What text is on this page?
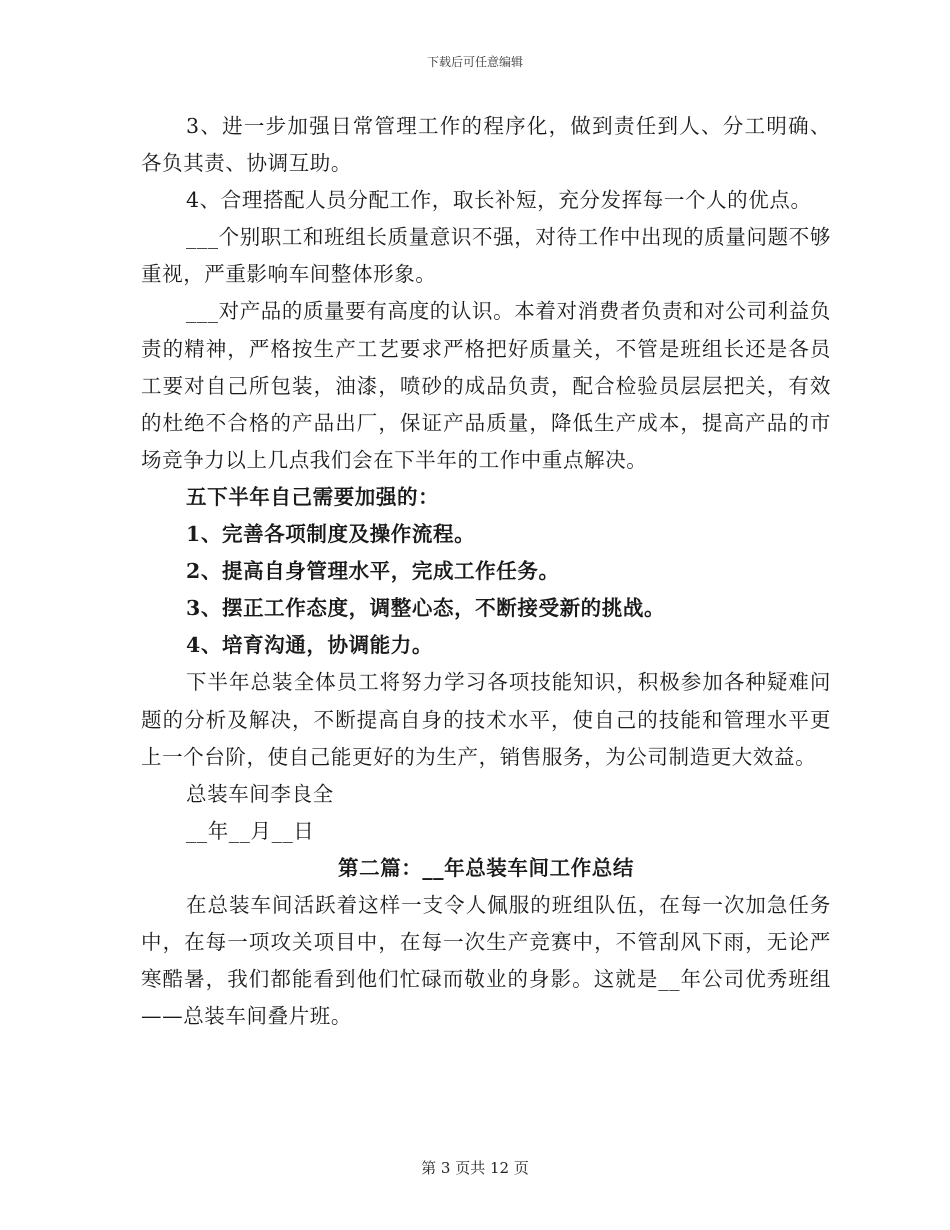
下载后可任意编辑

3、进一步加强日常管理工作的程序化，做到责任到人、分工明确、各负其责、协调互助。

4、合理搭配人员分配工作，取长补短，充分发挥每一个人的优点。

___个别职工和班组长质量意识不强，对待工作中出现的质量问题不够重视，严重影响车间整体形象。

___对产品的质量要有高度的认识。本着对消费者负责和对公司利益负责的精神，严格按生产工艺要求严格把好质量关，不管是班组长还是各员工要对自己所包装，油漆，喷砂的成品负责，配合检验员层层把关，有效的杜绝不合格的产品出厂，保证产品质量，降低生产成本，提高产品的市场竞争力以上几点我们会在下半年的工作中重点解决。

五下半年自己需要加强的：

1、完善各项制度及操作流程。

2、提高自身管理水平，完成工作任务。

3、摆正工作态度，调整心态，不断接受新的挑战。

4、培育沟通，协调能力。

下半年总装全体员工将努力学习各项技能知识，积极参加各种疑难问题的分析及解决，不断提高自身的技术水平，使自己的技能和管理水平更上一个台阶，使自己能更好的为生产，销售服务，为公司制造更大效益。

总装车间李良全

__年__月__日

第二篇：__年总装车间工作总结

在总装车间活跃着这样一支令人佩服的班组队伍，在每一次加急任务中，在每一项攻关项目中，在每一次生产竞赛中，不管刮风下雨，无论严寒酷暑，我们都能看到他们忙碌而敬业的身影。这就是__年公司优秀班组——总装车间叠片班。

第 3 页共 12 页
